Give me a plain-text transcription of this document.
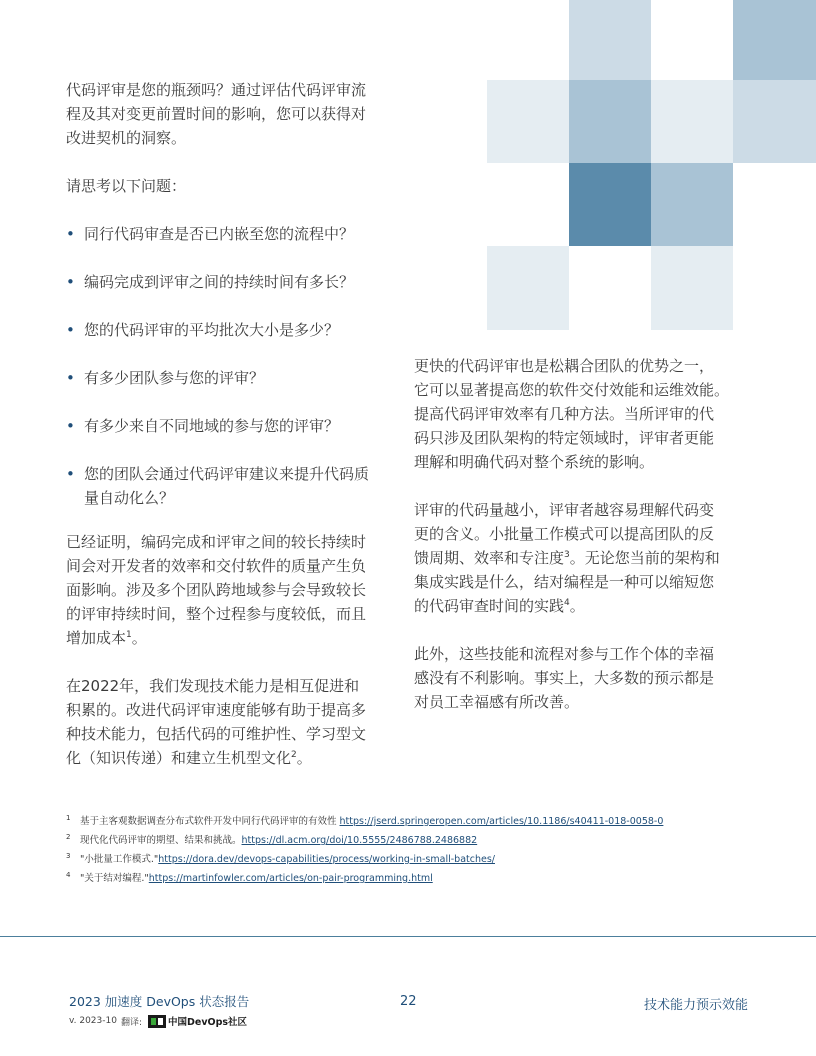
代码评审是您的瓶颈吗？通过评估代码评审流
程及其对变更前置时间的影响，您可以获得对
改进契机的洞察。

请思考以下问题：

• 同行代码审查是否已内嵌至您的流程中？
• 编码完成到评审之间的持续时间有多长？
• 您的代码评审的平均批次大小是多少？
• 有多少团队参与您的评审？
• 有多少来自不同地域的参与您的评审？
• 您的团队会通过代码评审建议来提升代码质
量自动化么？

已经证明，编码完成和评审之间的较长持续时
间会对开发者的效率和交付软件的质量产生负
面影响。涉及多个团队跨地域参与会导致较长
的评审持续时间，整个过程参与度较低，而且
增加成本$^1$。

在2022年，我们发现技术能力是相互促进和
积累的。改进代码评审速度能够有助于提高多
种技术能力，包括代码的可维护性、学习型文
化（知识传递）和建立生机型文化$^2$。

更快的代码评审也是松耦合团队的优势之一，
它可以显著提高您的软件交付效能和运维效能。
提高代码评审效率有几种方法。当所评审的代
码只涉及团队架构的特定领域时，评审者更能
理解和明确代码对整个系统的影响。

评审的代码量越小，评审者越容易理解代码变
更的含义。小批量工作模式可以提高团队的反
馈周期、效率和专注度$^3$。无论您当前的架构和
集成实践是什么，结对编程是一种可以缩短您
的代码审查时间的实践$^4$。

此外，这些技能和流程对参与工作个体的幸福
感没有不利影响。事实上，大多数的预示都是
对员工幸福感有所改善。

1 基于主客观数据调查分布式软件开发中同行代码评审的有效性 https://jserd.springeropen.com/articles/10.1186/s40411-018-0058-0
2 现代化代码评审的期望、结果和挑战。https://dl.acm.org/doi/10.5555/2486788.2486882
3 "小批量工作模式."https://dora.dev/devops-capabilities/process/working-in-small-batches/
4 "关于结对编程."https://martinfowler.com/articles/on-pair-programming.html
2023 加速度 DevOps 状态报告	22	技术能力预示效能
v. 2023-10 翻译:	中国DevOps社区
